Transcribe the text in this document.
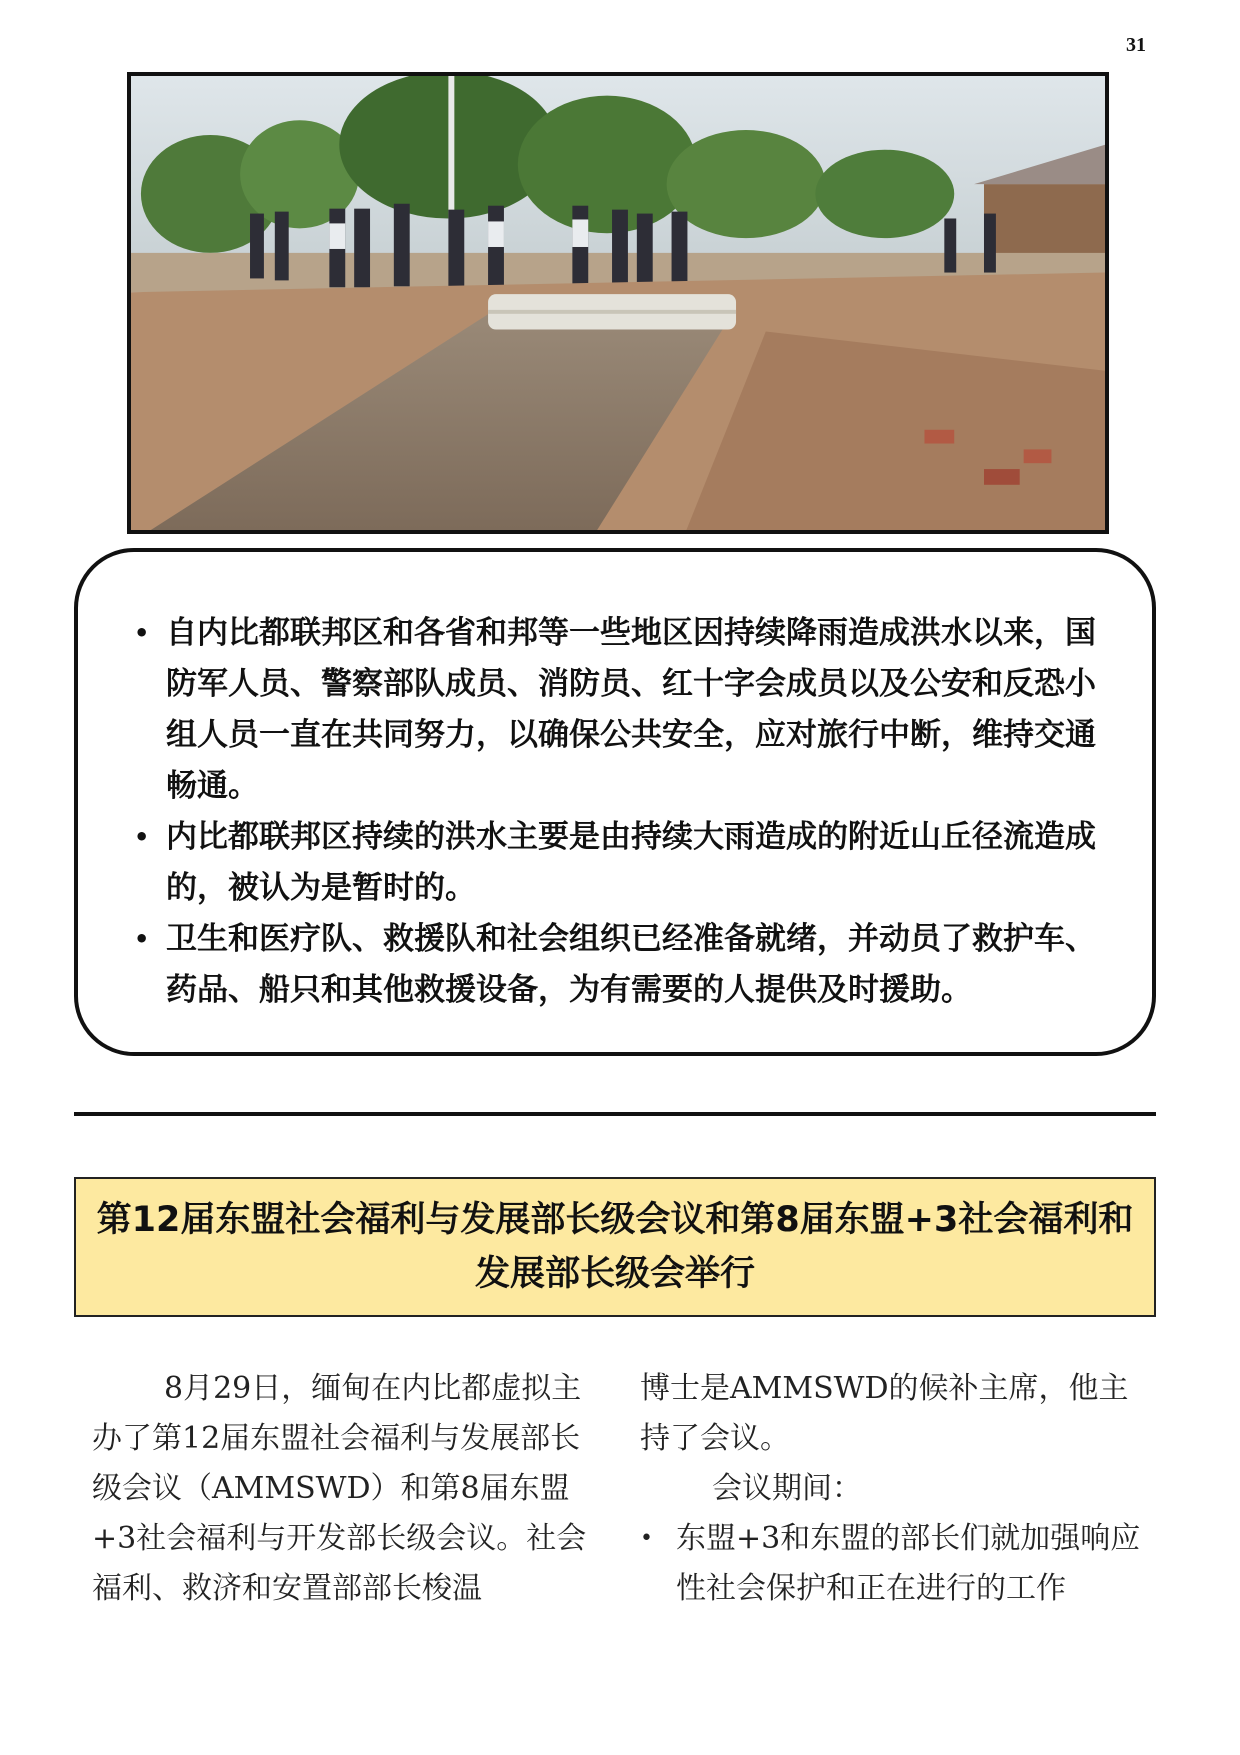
31
• 自内比都联邦区和各省和邦等一些地区因持续降雨造成洪水以来，国防军人员、警察部队成员、消防员、红十字会成员以及公安和反恐小组人员一直在共同努力，以确保公共安全，应对旅行中断，维持交通畅通。
• 内比都联邦区持续的洪水主要是由持续大雨造成的附近山丘径流造成的，被认为是暂时的。
• 卫生和医疗队、救援队和社会组织已经准备就绪，并动员了救护车、药品、船只和其他救援设备，为有需要的人提供及时援助。
第12届东盟社会福利与发展部长级会议和第8届东盟+3社会福利和发展部长级会举行

8月29日，缅甸在内比都虚拟主办了第12届东盟社会福利与发展部长级会议（AMMSWD）和第8届东盟+3社会福利与开发部长级会议。社会福利、救济和安置部部长梭温

博士是AMMSWD的候补主席，他主持了会议。

会议期间：

• 东盟+3和东盟的部长们就加强响应性社会保护和正在进行的工作
